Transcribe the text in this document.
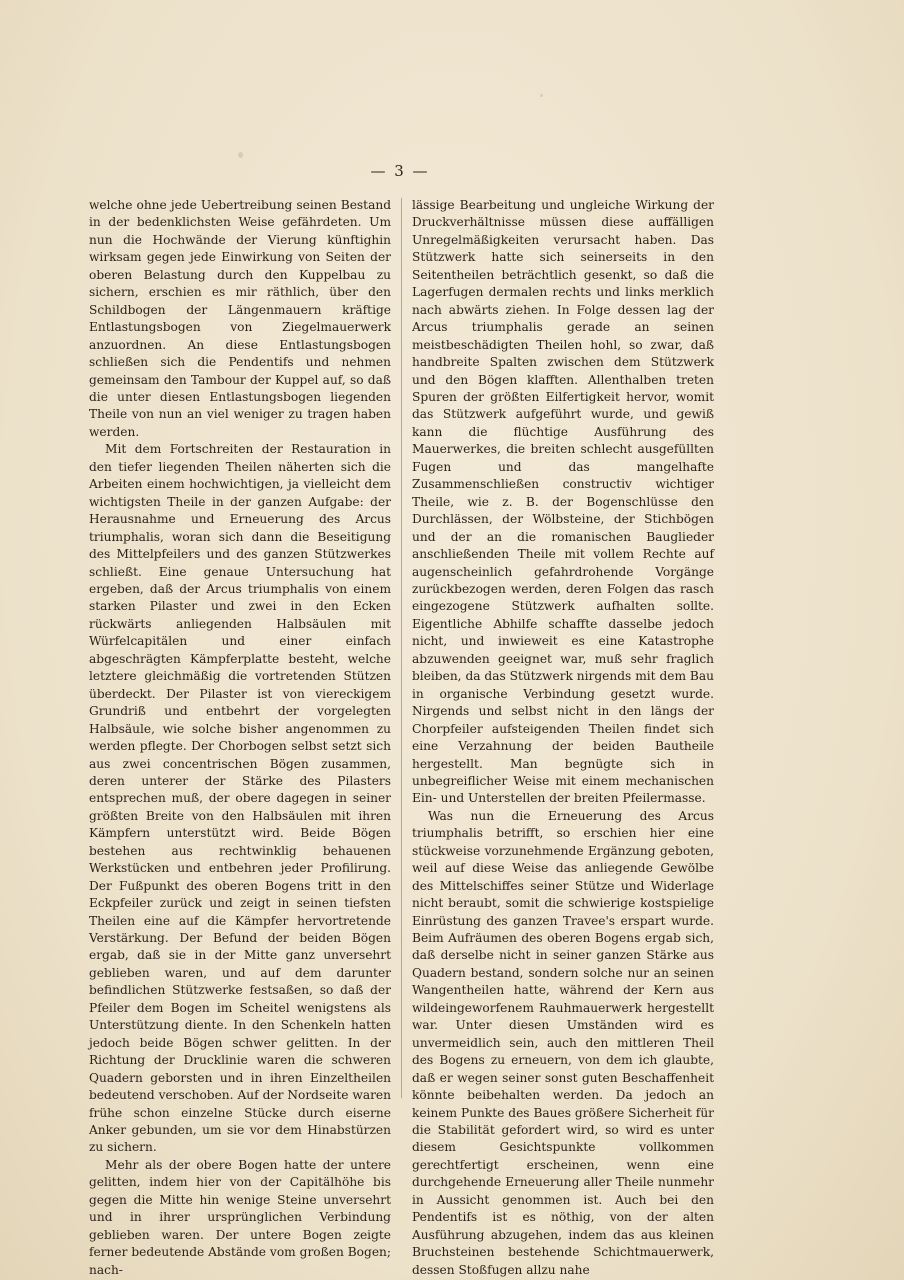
— 3 —

welche ohne jede Uebertreibung seinen Bestand in der bedenklichsten Weise gefährdeten. Um nun die Hochwände der Vierung künftighin wirksam gegen jede Einwirkung von Seiten der oberen Belastung durch den Kuppelbau zu sichern, erschien es mir räthlich, über den Schildbogen der Längenmauern kräftige Entlastungsbogen von Ziegelmauerwerk anzuordnen. An diese Entlastungsbogen schließen sich die Pendentifs und nehmen gemeinsam den Tambour der Kuppel auf, so daß die unter diesen Entlastungsbogen liegenden Theile von nun an viel weniger zu tragen haben werden.

Mit dem Fortschreiten der Restauration in den tiefer liegenden Theilen näherten sich die Arbeiten einem hochwichtigen, ja vielleicht dem wichtigsten Theile in der ganzen Aufgabe: der Herausnahme und Erneuerung des Arcus triumphalis, woran sich dann die Beseitigung des Mittelpfeilers und des ganzen Stützwerkes schließt. Eine genaue Untersuchung hat ergeben, daß der Arcus triumphalis von einem starken Pilaster und zwei in den Ecken rückwärts anliegenden Halbsäulen mit Würfelcapitälen und einer einfach abgeschrägten Kämpferplatte besteht, welche letztere gleichmäßig die vortretenden Stützen überdeckt. Der Pilaster ist von viereckigem Grundriß und entbehrt der vorgelegten Halbsäule, wie solche bisher angenommen zu werden pflegte. Der Chorbogen selbst setzt sich aus zwei concentrischen Bögen zusammen, deren unterer der Stärke des Pilasters entsprechen muß, der obere dagegen in seiner größten Breite von den Halbsäulen mit ihren Kämpfern unterstützt wird. Beide Bögen bestehen aus rechtwinklig behauenen Werkstücken und entbehren jeder Profilirung. Der Fußpunkt des oberen Bogens tritt in den Eckpfeiler zurück und zeigt in seinen tiefsten Theilen eine auf die Kämpfer hervortretende Verstärkung. Der Befund der beiden Bögen ergab, daß sie in der Mitte ganz unversehrt geblieben waren, und auf dem darunter befindlichen Stützwerke festsaßen, so daß der Pfeiler dem Bogen im Scheitel wenigstens als Unterstützung diente. In den Schenkeln hatten jedoch beide Bögen schwer gelitten. In der Richtung der Drucklinie waren die schweren Quadern geborsten und in ihren Einzeltheilen bedeutend verschoben. Auf der Nordseite waren frühe schon einzelne Stücke durch eiserne Anker gebunden, um sie vor dem Hinabstürzen zu sichern.

Mehr als der obere Bogen hatte der untere gelitten, indem hier von der Capitälhöhe bis gegen die Mitte hin wenige Steine unversehrt und in ihrer ursprünglichen Verbindung geblieben waren. Der untere Bogen zeigte ferner bedeutende Abstände vom großen Bogen; nach-

lässige Bearbeitung und ungleiche Wirkung der Druckverhältnisse müssen diese auffälligen Unregelmäßigkeiten verursacht haben. Das Stützwerk hatte sich seinerseits in den Seitentheilen beträchtlich gesenkt, so daß die Lagerfugen dermalen rechts und links merklich nach abwärts ziehen. In Folge dessen lag der Arcus triumphalis gerade an seinen meistbeschädigten Theilen hohl, so zwar, daß handbreite Spalten zwischen dem Stützwerk und den Bögen klafften. Allenthalben treten Spuren der größten Eilfertigkeit hervor, womit das Stützwerk aufgeführt wurde, und gewiß kann die flüchtige Ausführung des Mauerwerkes, die breiten schlecht ausgefüllten Fugen und das mangelhafte Zusammenschließen constructiv wichtiger Theile, wie z. B. der Bogenschlüsse den Durchlässen, der Wölbsteine, der Stichbögen und der an die romanischen Bauglieder anschließenden Theile mit vollem Rechte auf augenscheinlich gefahrdrohende Vorgänge zurückbezogen werden, deren Folgen das rasch eingezogene Stützwerk aufhalten sollte. Eigentliche Abhilfe schaffte dasselbe jedoch nicht, und inwieweit es eine Katastrophe abzuwenden geeignet war, muß sehr fraglich bleiben, da das Stützwerk nirgends mit dem Bau in organische Verbindung gesetzt wurde. Nirgends und selbst nicht in den längs der Chorpfeiler aufsteigenden Theilen findet sich eine Verzahnung der beiden Bautheile hergestellt. Man begnügte sich in unbegreiflicher Weise mit einem mechanischen Ein- und Unterstellen der breiten Pfeilermasse.

Was nun die Erneuerung des Arcus triumphalis betrifft, so erschien hier eine stückweise vorzunehmende Ergänzung geboten, weil auf diese Weise das anliegende Gewölbe des Mittelschiffes seiner Stütze und Widerlage nicht beraubt, somit die schwierige kostspielige Einrüstung des ganzen Travee's erspart wurde. Beim Aufräumen des oberen Bogens ergab sich, daß derselbe nicht in seiner ganzen Stärke aus Quadern bestand, sondern solche nur an seinen Wangentheilen hatte, während der Kern aus wildeingeworfenem Rauhmauerwerk hergestellt war. Unter diesen Umständen wird es unvermeidlich sein, auch den mittleren Theil des Bogens zu erneuern, von dem ich glaubte, daß er wegen seiner sonst guten Beschaffenheit könnte beibehalten werden. Da jedoch an keinem Punkte des Baues größere Sicherheit für die Stabilität gefordert wird, so wird es unter diesem Gesichtspunkte vollkommen gerechtfertigt erscheinen, wenn eine durchgehende Erneuerung aller Theile nunmehr in Aussicht genommen ist. Auch bei den Pendentifs ist es nöthig, von der alten Ausführung abzugehen, indem das aus kleinen Bruchsteinen bestehende Schichtmauerwerk, dessen Stoßfugen allzu nahe
